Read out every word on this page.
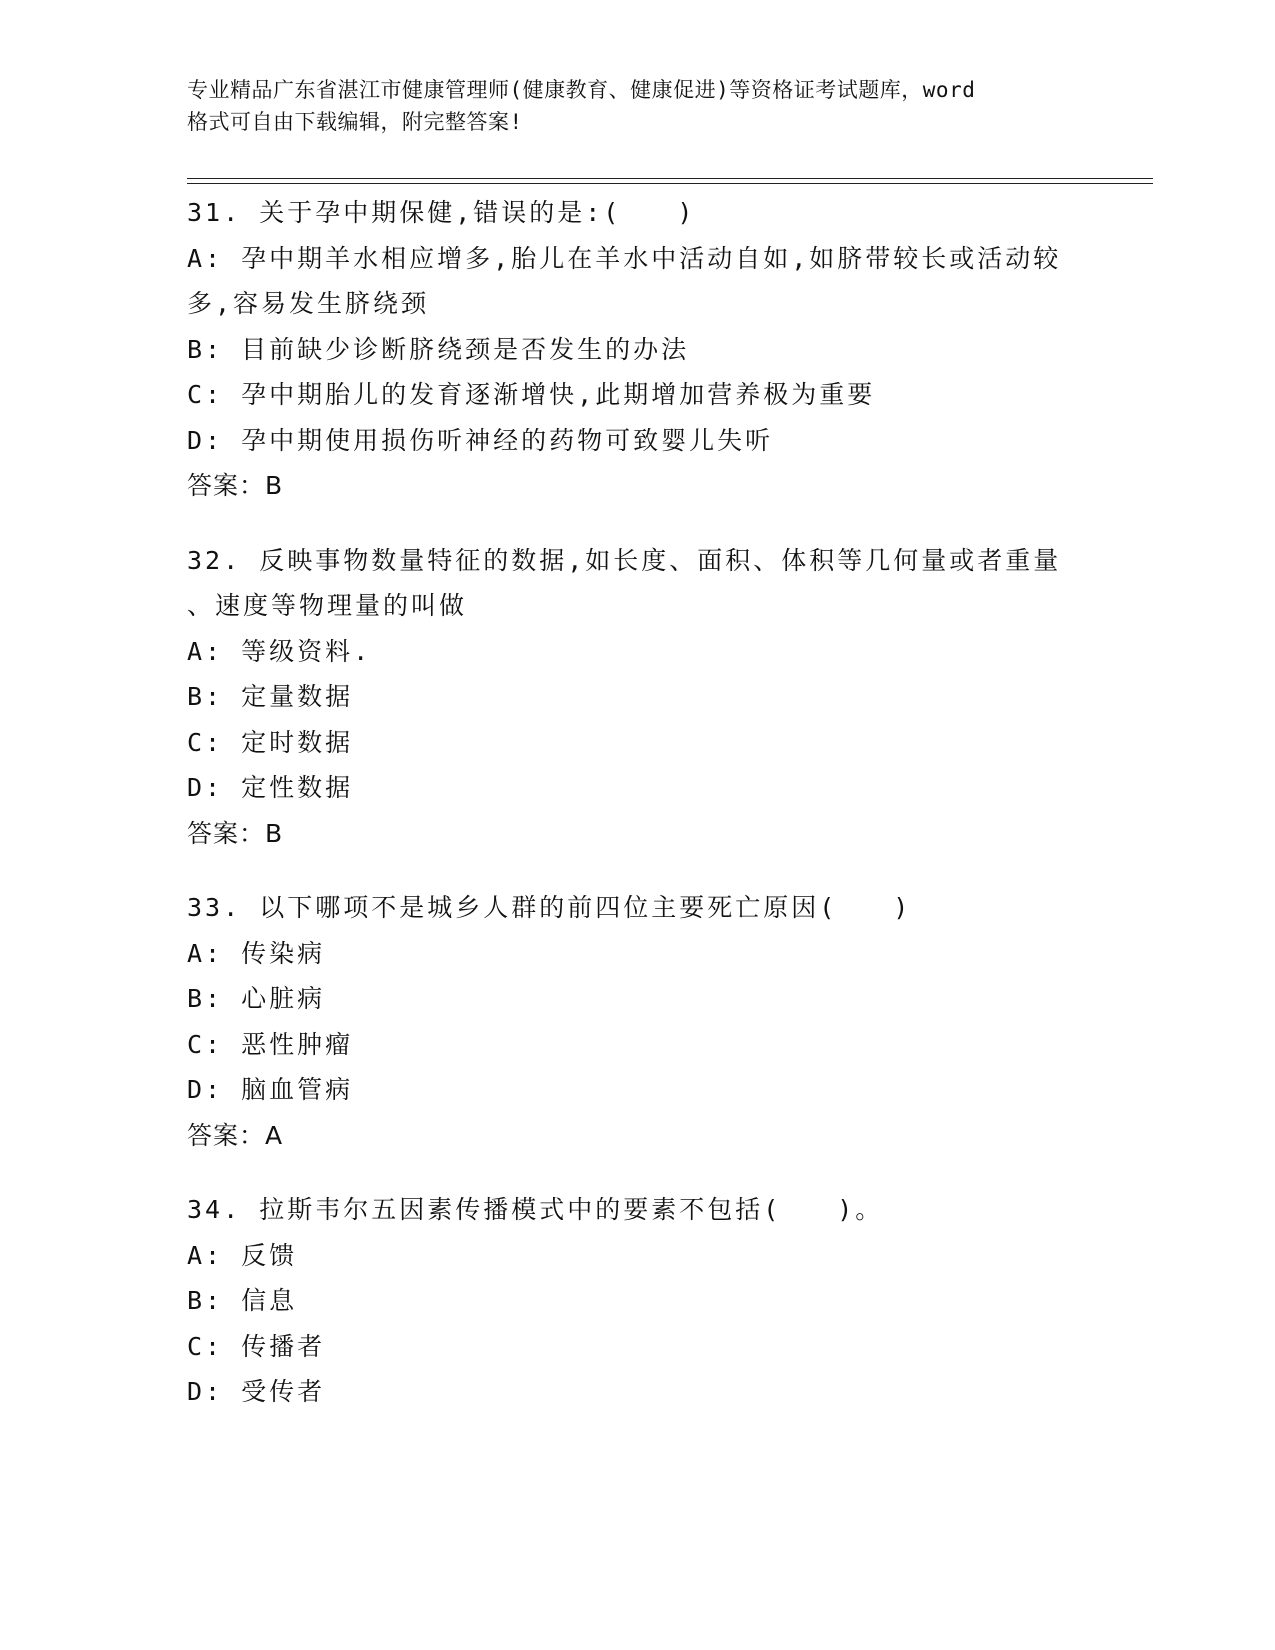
专业精品广东省湛江市健康管理师(健康教育、健康促进)等资格证考试题库，word
格式可自由下载编辑，附完整答案!
31. 关于孕中期保健,错误的是:(　　)
A: 孕中期羊水相应增多,胎儿在羊水中活动自如,如脐带较长或活动较
多,容易发生脐绕颈
B: 目前缺少诊断脐绕颈是否发生的办法
C: 孕中期胎儿的发育逐渐增快,此期增加营养极为重要
D: 孕中期使用损伤听神经的药物可致婴儿失听
答案：B
32. 反映事物数量特征的数据,如长度、面积、体积等几何量或者重量
、速度等物理量的叫做
A: 等级资料.
B: 定量数据
C: 定时数据
D: 定性数据
答案：B
33. 以下哪项不是城乡人群的前四位主要死亡原因(　　)
A: 传染病
B: 心脏病
C: 恶性肿瘤
D: 脑血管病
答案：A
34. 拉斯韦尔五因素传播模式中的要素不包括(　　)。
A: 反馈
B: 信息
C: 传播者
D: 受传者
